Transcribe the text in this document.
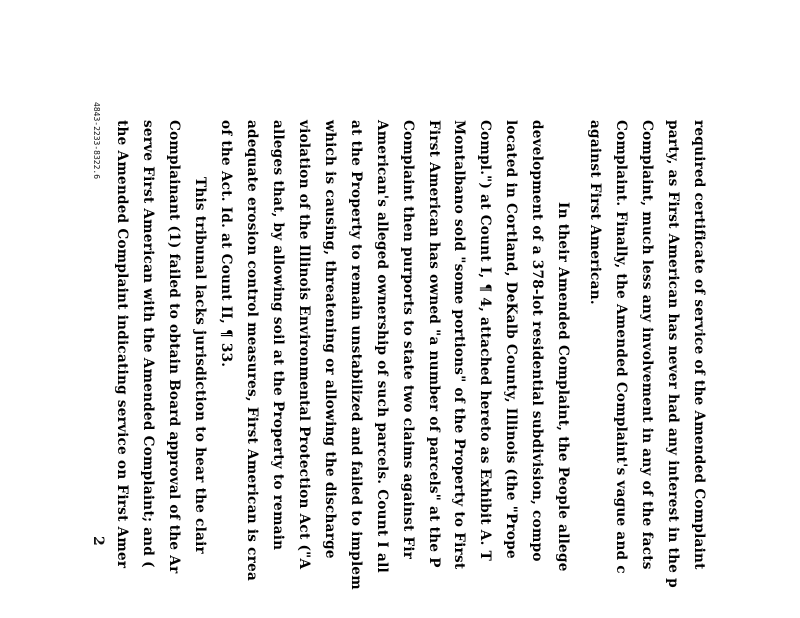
required certificate of service of the Amended Complaint
party, as First American has never had any interest in the p
Complaint, much less any involvement in any of the facts
Complaint. Finally, the Amended Complaint's vague and c
against First American.
In their Amended Complaint, the People allege
development of a 378-lot residential subdivision, compo
located in Cortland, DeKalb County, Illinois (the "Prope
Compl.") at Count I, ¶ 4, attached hereto as Exhibit A. T
Montalbano sold "some portions" of the Property to First
First American has owned "a number of parcels" at the P
Complaint then purports to state two claims against Fir
American's alleged ownership of such parcels. Count I all
at the Property to remain unstabilized and failed to implem
which is causing, threatening or allowing the discharge
violation of the Illinois Environmental Protection Act ("A
alleges that, by allowing soil at the Property to remain
adequate erosion control measures, First American is crea
of the Act. Id. at Count II, ¶ 33.
This tribunal lacks jurisdiction to hear the clair
Complainant (1) failed to obtain Board approval of the Ar
serve First American with the Amended Complaint; and (
the Amended Complaint indicating service on First Amer
4843-2233-8322.6
2
